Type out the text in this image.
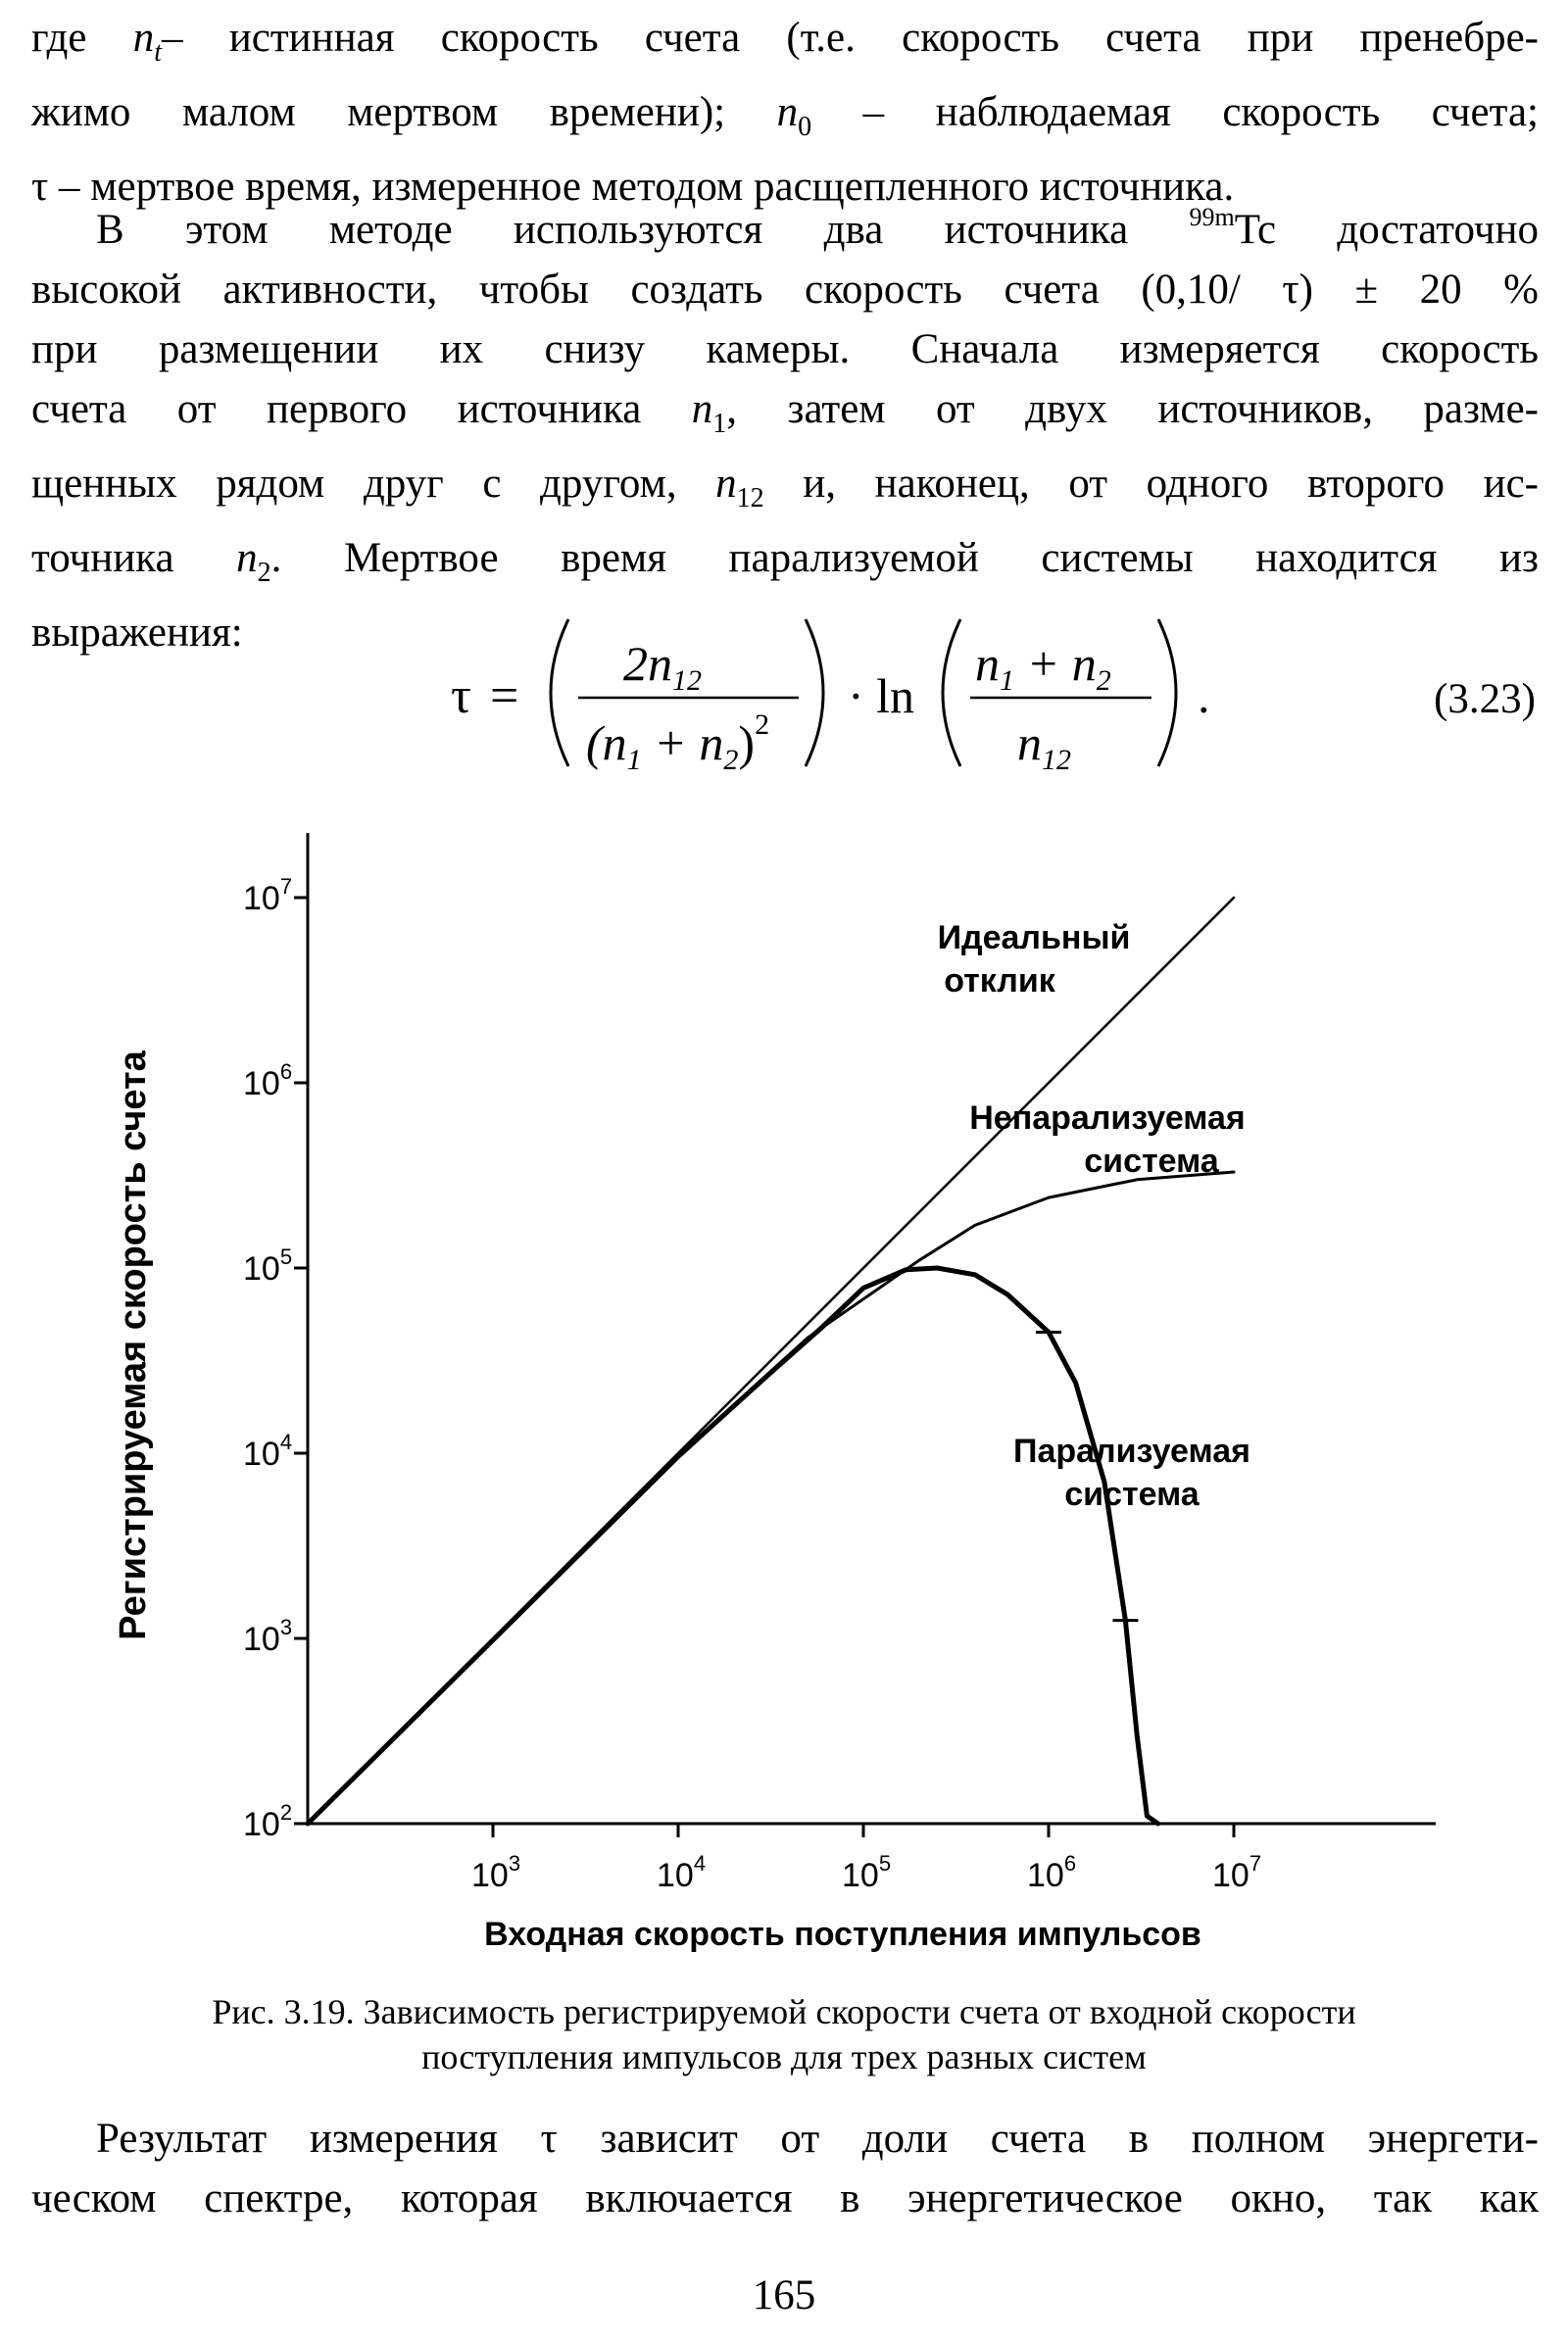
где $n_t-$ истинная скорость счета (т.е. скорость счета при пренебре-
жимо малом мертвом времени); $n_0$ – наблюдаемая скорость счета;
τ – мертвое время, измеренное методом расщепленного источника.
В этом методе используются два источника $^{99m}$Tc достаточно
высокой активности, чтобы создать скорость счета (0,10/ τ) ± 20 %
при размещении их снизу камеры. Сначала измеряется скорость
счета от первого источника $n_1$, затем от двух источников, разме-
щенных рядом друг с другом, $n_{12}$ и, наконец, от одного второго ис-
точника $n_2$. Мертвое время парализуемой системы находится из
выражения:
τ =
$2n_{12}$
$(n_1 + n_2)^2$
· ln
$n_1 + n_2$
$n_{12}$
.	(3.23)
$10^2$
$10^3$
$10^4$
$10^5$
$10^6$
$10^7$
$10^3$	$10^4$	$10^5$	$10^6$	$10^7$
Идеальный
отклик
Непарализуемая
система
Парализуемая
система
Входная скорость поступления импульсов
Регистрируемая скорость счета
Рис. 3.19. Зависимость регистрируемой скорости счета от входной скорости
поступления импульсов для трех разных систем
Результат измерения τ зависит от доли счета в полном энергети-
ческом спектре, которая включается в энергетическое окно, так как
165
